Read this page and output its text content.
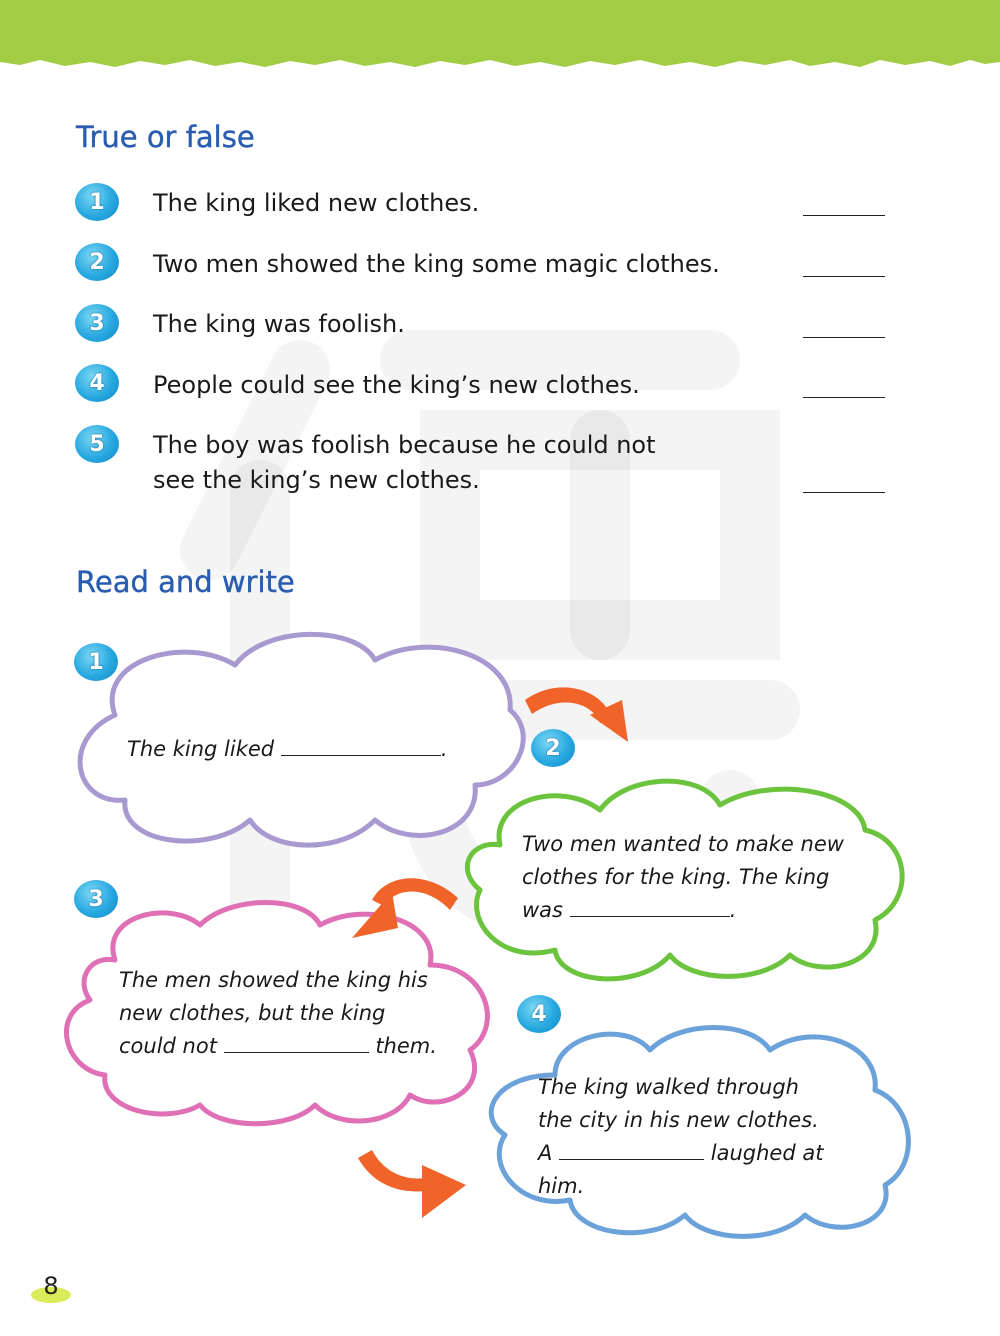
True or false
1	The king liked new clothes.
2	Two men showed the king some magic clothes.
3	The king was foolish.
4	People could see the king’s new clothes.
5	The boy was foolish because he could not
see the king’s new clothes.
Read and write
1
2
3
4
The king liked	.
Two men wanted to make new
clothes for the king. The king
was	.
The men showed the king his
new clothes, but the king
could not	them.
The king walked through
the city in his new clothes.
A	laughed at
him.
8
